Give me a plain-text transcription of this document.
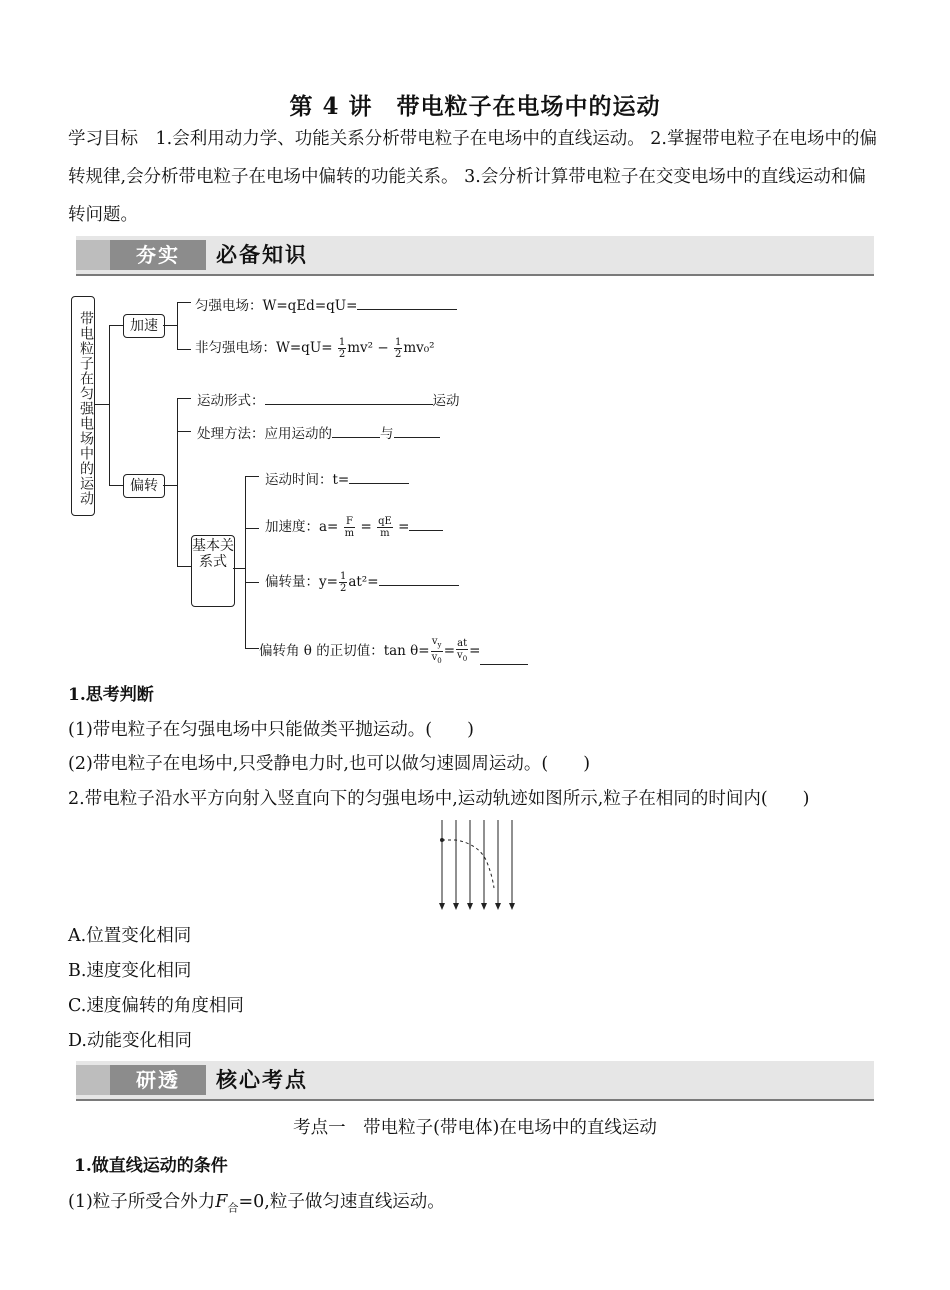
第 4 讲　带电粒子在电场中的运动
学习目标　 1.会利用动力学、功能关系分析带电粒子在电场中的直线运动。 2.掌握带电粒子在电场中的偏转规律,会分析带电粒子在电场中偏转的功能关系。 3.会分析计算带电粒子在交变电场中的直线运动和偏转问题。
夯实	必备知识
带电粒子在匀强电场中的运动	加速
匀强电场：W=qEd=qU=
非匀强电场：$W=qU= \frac{1}{2} mv^2 - \frac{1}{2} mv_0^2$
偏转
运动形式：	运动
处理方法：应用运动的	与
基本关系式
运动时间：t=
加速度：$a= \frac{F}{m} = \frac{qE}{m}$ =
偏转量：$y= \frac{1}{2} at^2=$
偏转角 θ 的正切值：$\tan \theta= \frac{v_y}{v_0} = \frac{at}{v_0}$ =
1.思考判断
(1)带电粒子在匀强电场中只能做类平抛运动。(　　)
(2)带电粒子在电场中,只受静电力时,也可以做匀速圆周运动。(　　)
2.带电粒子沿水平方向射入竖直向下的匀强电场中,运动轨迹如图所示,粒子在相同的时间内(　　)
A.位置变化相同
B.速度变化相同
C.速度偏转的角度相同
D.动能变化相同
研透	核心考点
考点一　带电粒子(带电体)在电场中的直线运动
1.做直线运动的条件
(1)粒子所受合外力$F_合=0$,粒子做匀速直线运动。
